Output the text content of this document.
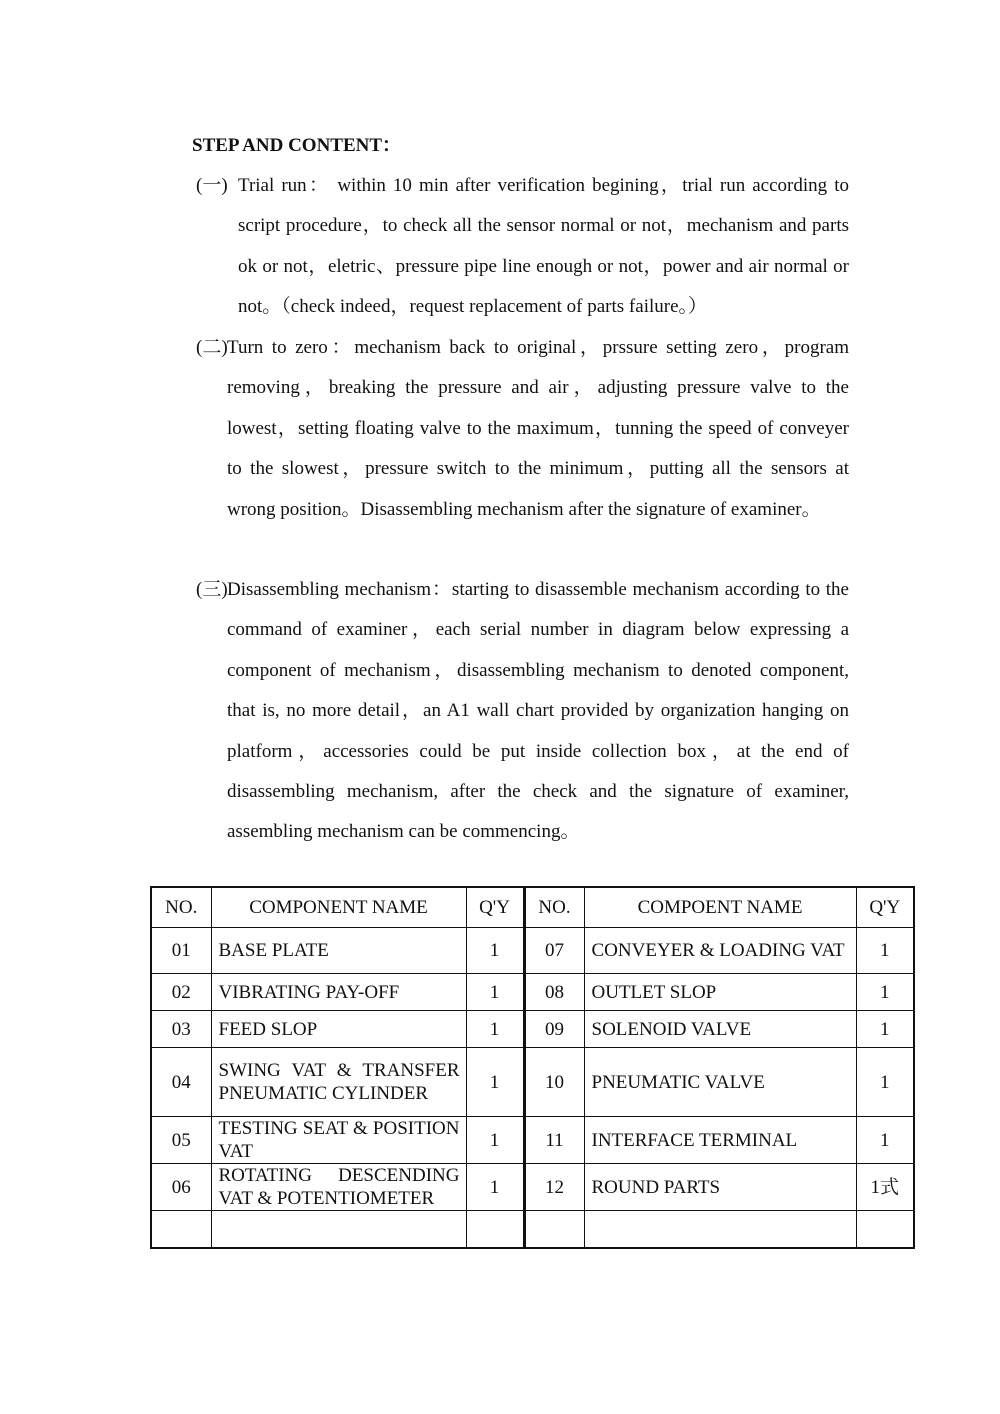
STEP AND CONTENT：
(一) Trial run： within 10 min after verification begining，trial run according to script procedure，to check all the sensor normal or not，mechanism and parts ok or not，eletric、pressure pipe line enough or not，power and air normal or not。（check indeed，request replacement of parts failure。）
(二) Turn to zero：mechanism back to original，prssure setting zero，program removing，breaking the pressure and air，adjusting pressure valve to the lowest，setting floating valve to the maximum，tunning the speed of conveyer to the slowest，pressure switch to the minimum，putting all the sensors at wrong position。Disassembling mechanism after the signature of examiner。
(三) Disassembling mechanism：starting to disassemble mechanism according to the command of examiner，each serial number in diagram below expressing a component of mechanism，disassembling mechanism to denoted component, that is, no more detail，an A1 wall chart provided by organization hanging on platform，accessories could be put inside collection box，at the end of disassembling mechanism, after the check and the signature of examiner, assembling mechanism can be commencing。
NO.	COMPONENT NAME	Q'Y	NO.	COMPOENT NAME	Q'Y
01	BASE PLATE	1	07	CONVEYER & LOADING VAT	1
02	VIBRATING PAY-OFF	1	08	OUTLET SLOP	1
03	FEED SLOP	1	09	SOLENOID VALVE	1
04	SWING VAT & TRANSFER PNEUMATIC CYLINDER	1	10	PNEUMATIC VALVE	1
05	TESTING SEAT & POSITION VAT	1	11	INTERFACE TERMINAL	1
06	ROTATING DESCENDING VAT & POTENTIOMETER	1	12	ROUND PARTS	1式
